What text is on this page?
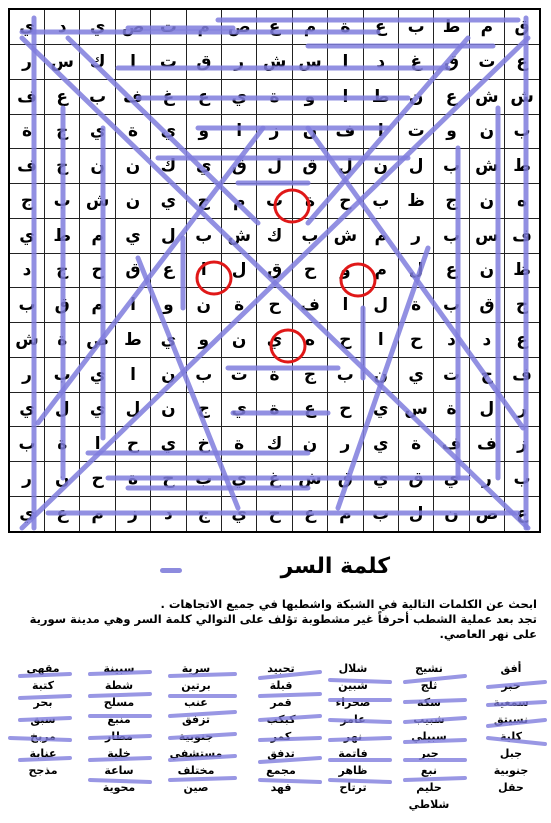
ق	م	ط	ب	ع	ة	م	ع	ص	م	ت	ص	ي	د	ي
ع	ت	ق	غ	د	ا	س	ش	ر	ق	ت	ا	ك	س	ر
ش	ش	ع	ن	ط	ا	و	ة	ي	ع	غ	ف	ب	ع	ف
ب	ن	و	ت	ا	ف	ن	ز	ا	و	ي	ة	ي	ج	ة
ط	ش	ب	ل	ن	ل	ق	ل	ق	ي	ك	ن	ن	ح	ف
ه	ن	ج	ظ	ب	ح	ة	ب	م	ج	ي	ن	ش	ب	ج
ف	س	ب	ر	م	ش	ب	ك	ش	ب	ل	ي	م	ط	ي
ظ	ن	ع	ل	م	و	ح	ق	ل	ا	ع	ق	ح	ج	د
ج	ق	ب	ة	ل	ا	ف	ح	ة	ن	و	ا	م	ق	ب
ع	د	د	ح	ا	ح	ه	ي	ن	و	ي	ط	ص	ة	ش
ف	ح	ت	ي	ن	ب	ج	ة	ت	ب	ن	ا	ي	ب	ر
ر	ل	ة	س	ي	ح	ع	ة	ي	ج	ن	ل	ي	ل	ي
ز	ف	ف	ة	ي	ر	ن	ك	ة	خ	ي	ح	ا	ة	ب
ب	ر	ي	ق	ي	ق	ش	غ	ي	ب	ح	ة	ح	ن	ر
ع	ص	ن	ل	ب	م	ع	ح	ي	ج	د	ز	م	ع	ي
كلمة السر

ابحث عن الكلمات التالية في الشبكة واشطبها في جميع الاتجاهات .

تجد بعد عملية الشطب أحرفاً غير مشطوبة تؤلف على التوالي كلمة السر وهي مدينة سورية على نهر العاصي.

أفق
حبر
سمعية
نسيتق
كلية
جبل
جنوبية
حقل
نشيج
ثلج
سكة
شبيب
سبيلي
جبر
نبع
حليم
شلاطي
شلال
شبين
صحراء
عامر
نهر
فاتمة
ظاهر
ترتاح
تحبيد
قبلة
قمر
كبكب
كمر
تدفق
مجمع
فهد
سرية
برتين
عنب
تزفق
جنوبية
مستشفي
مختلف
صين
سبينة
شطة
مسلح
منبع
مطار
خلية
ساعة
محوية
مقهى
كتبة
بحر
سبق
مربخ
عنابة
مذجح
